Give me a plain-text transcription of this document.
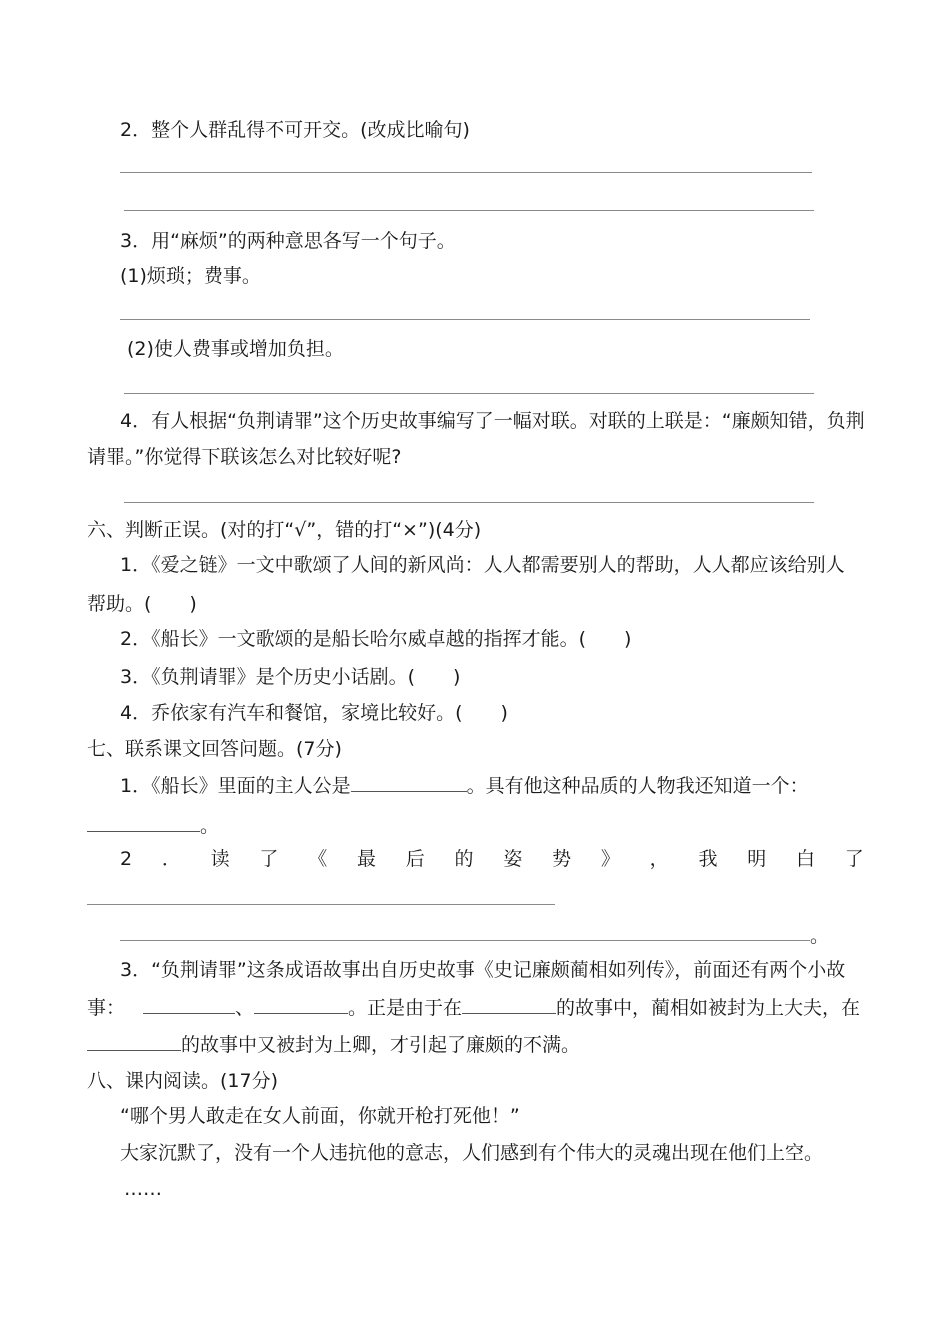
2．整个人群乱得不可开交。(改成比喻句)
3．用“麻烦”的两种意思各写一个句子。
(1)烦琐；费事。
(2)使人费事或增加负担。
4．有人根据“负荆请罪”这个历史故事编写了一幅对联。对联的上联是：“廉颇知错，负荆
请罪。”你觉得下联该怎么对比较好呢?
六、判断正误。(对的打“√”，错的打“×”)(4分)
1．《爱之链》一文中歌颂了人间的新风尚：人人都需要别人的帮助，人人都应该给别人
帮助。(　　)
2．《船长》一文歌颂的是船长哈尔威卓越的指挥才能。(　　)
3．《负荆请罪》是个历史小话剧。(　　)
4．乔依家有汽车和餐馆，家境比较好。(　　)
七、联系课文回答问题。(7分)
1．《船长》里面的主人公是	。具有他这种品质的人物我还知道一个：
。
2 ． 读 了 《 最 后 的 姿 势 》 ， 我 明 白 了
。
3．“负荆请罪”这条成语故事出自历史故事《史记廉颇蔺相如列传》，前面还有两个小故
事：	、	。正是由于在	的故事中，蔺相如被封为上大夫，在
的故事中又被封为上卿，才引起了廉颇的不满。
八、课内阅读。(17分)
“哪个男人敢走在女人前面，你就开枪打死他！”
大家沉默了，没有一个人违抗他的意志，人们感到有个伟大的灵魂出现在他们上空。
……
